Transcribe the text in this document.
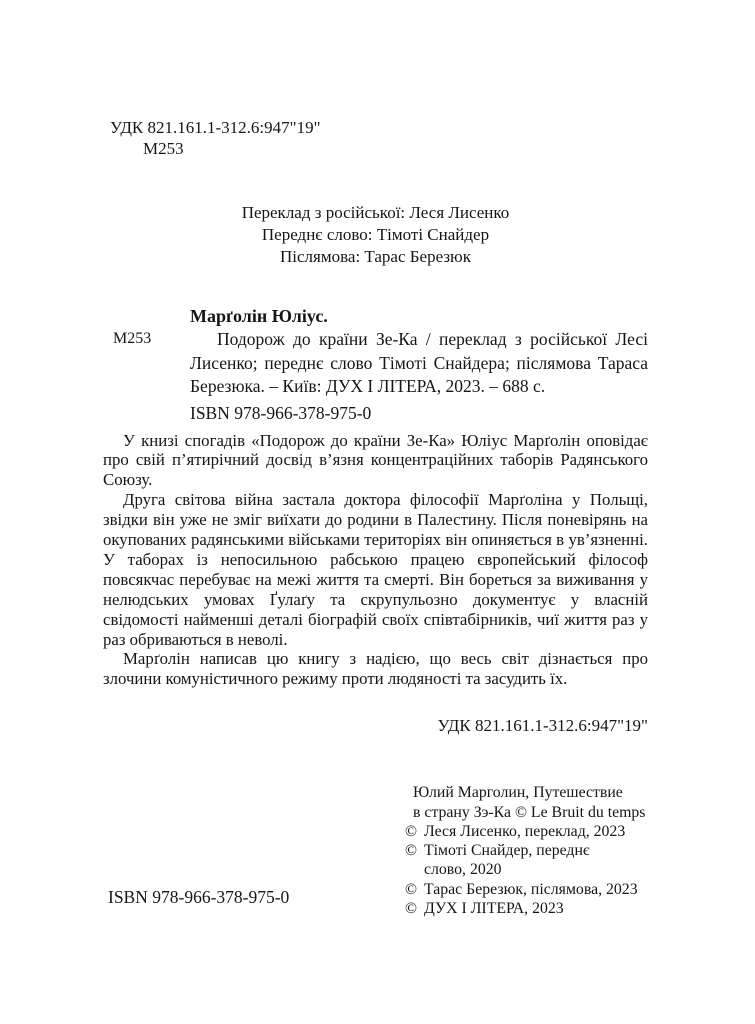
УДК 821.161.1-312.6:947"19"
М253
Переклад з російської: Леся Лисенко
Переднє слово: Тімоті Снайдер
Післямова: Тарас Березюк
М253
Марґолін Юліус.

Подорож до країни Зе-Ка / переклад з російської Лесі Лисенко; переднє слово Тімоті Снайдера; післямова Тараса Березюка. – Київ: ДУХ І ЛІТЕРА, 2023. – 688 с.

ISBN 978-966-378-975-0

У книзі спогадів «Подорож до країни Зе-Ка» Юліус Марґолін оповідає про свій п’ятирічний досвід в’язня концентраційних таборів Радянського Союзу.

Друга світова війна застала доктора філософії Марґоліна у Польщі, звідки він уже не зміг виїхати до родини в Палестину. Після поневірянь на окупованих радянськими військами територіях він опиняється в ув’язненні. У таборах із непосильною рабською працею європейський філософ повсякчас перебуває на межі життя та смерті. Він бореться за виживання у нелюдських умовах Ґулаґу та скрупульозно документує у власній свідомості найменші деталі біографій своїх співтабірників, чиї життя раз у раз обриваються в неволі.

Марґолін написав цю книгу з надією, що весь світ дізнається про злочини комуністичного режиму проти людяності та засудить їх.

УДК 821.161.1-312.6:947"19"
ISBN 978-966-378-975-0
Юлий Марголин, Путешествие
в страну Зэ-Ка © Le Bruit du temps
© Леся Лисенко, переклад, 2023
© Тімоті Снайдер, переднє
слово, 2020
© Тарас Березюк, післямова, 2023
© ДУХ І ЛІТЕРА, 2023
